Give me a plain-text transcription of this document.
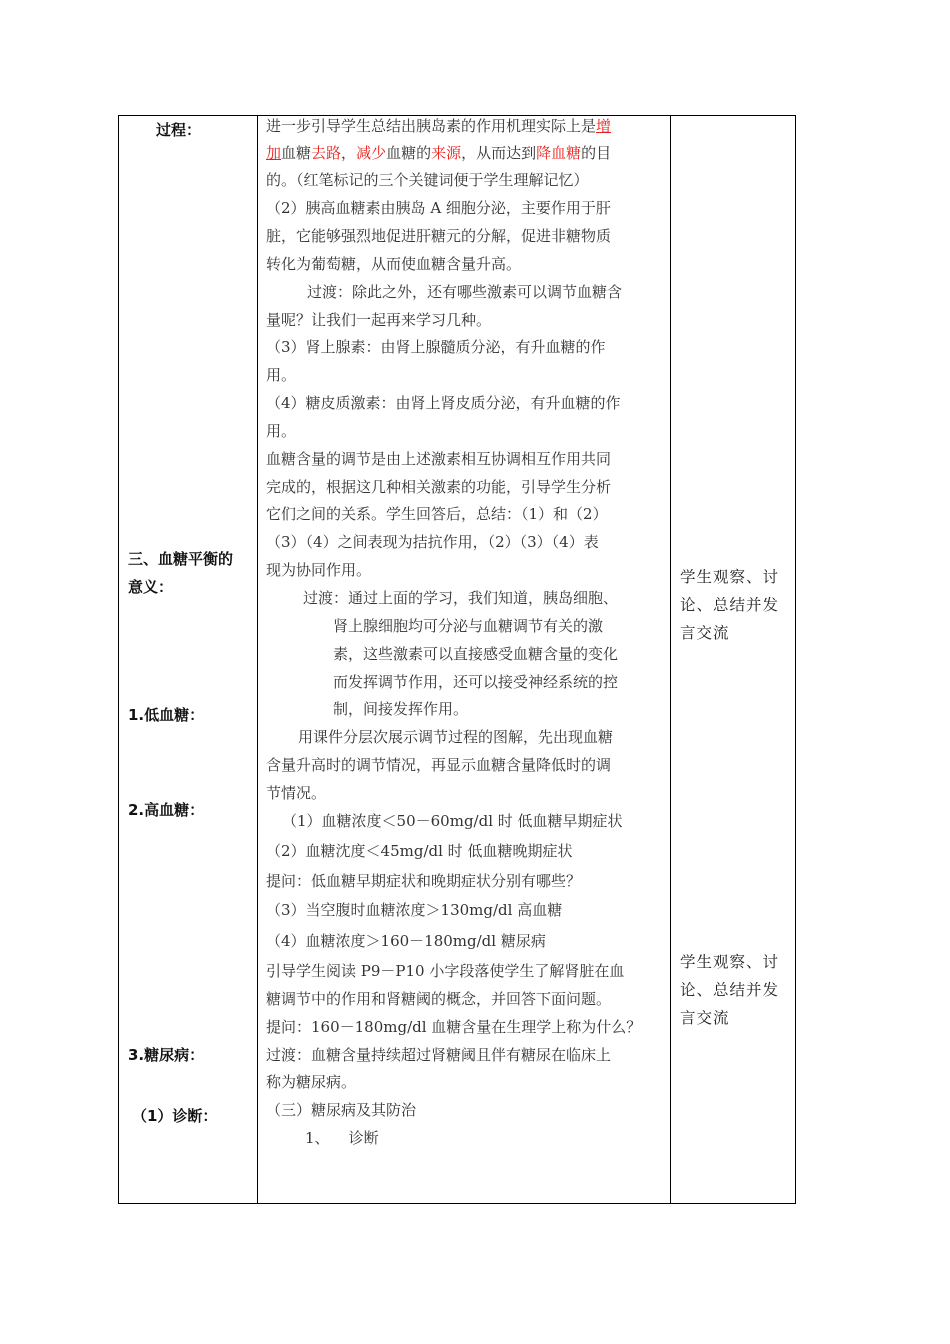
过程：
三、血糖平衡的
意义：
1.低血糖：
2.高血糖：
3.糖尿病：
（1）诊断：
进一步引导学生总结出胰岛素的作用机理实际上是增
加血糖去路，减少血糖的来源，从而达到降血糖的目
的。（红笔标记的三个关键词便于学生理解记忆）
（2）胰高血糖素由胰岛 A 细胞分泌，主要作用于肝
脏，它能够强烈地促进肝糖元的分解，促进非糖物质
转化为葡萄糖，从而使血糖含量升高。
过渡：除此之外，还有哪些激素可以调节血糖含
量呢？让我们一起再来学习几种。
（3）肾上腺素：由肾上腺髓质分泌，有升血糖的作
用。
（4）糖皮质激素：由肾上肾皮质分泌，有升血糖的作
用。
血糖含量的调节是由上述激素相互协调相互作用共同
完成的，根据这几种相关激素的功能，引导学生分析
它们之间的关系。学生回答后，总结：（1）和（2）
（3）（4）之间表现为拮抗作用，（2）（3）（4）表
现为协同作用。
过渡：通过上面的学习，我们知道，胰岛细胞、
肾上腺细胞均可分泌与血糖调节有关的激
素，这些激素可以直接感受血糖含量的变化
而发挥调节作用，还可以接受神经系统的控
制，间接发挥作用。
用课件分层次展示调节过程的图解，先出现血糖
含量升高时的调节情况，再显示血糖含量降低时的调
节情况。
（1）血糖浓度＜50－60mg/dl 时 低血糖早期症状
（2）血糖沈度＜45mg/dl 时 低血糖晚期症状
提问：低血糖早期症状和晚期症状分别有哪些？
（3）当空腹时血糖浓度＞130mg/dl 高血糖
（4）血糖浓度＞160－180mg/dl 糖尿病
引导学生阅读 P9－P10 小字段落使学生了解肾脏在血
糖调节中的作用和肾糖阈的概念，并回答下面问题。
提问：160－180mg/dl 血糖含量在生理学上称为什么？
过渡：血糖含量持续超过肾糖阈且伴有糖尿在临床上
称为糖尿病。
（三）糖尿病及其防治
1、    诊断
学生观察、讨
论、总结并发
言交流
学生观察、讨
论、总结并发
言交流
